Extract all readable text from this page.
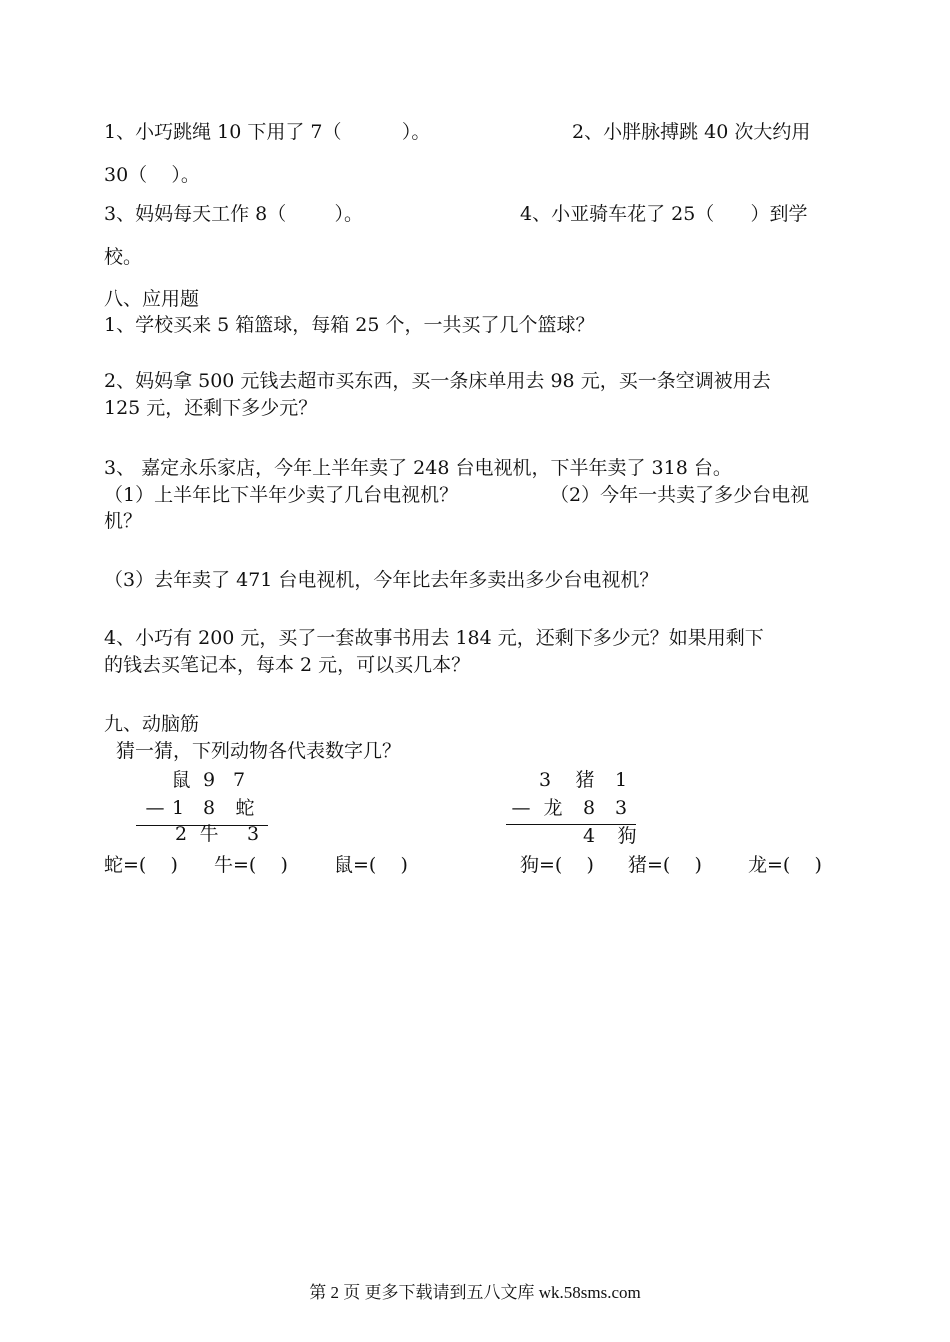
1、小巧跳绳 10 下用了 7（          ）。	2、小胖脉搏跳 40 次大约用
30（    ）。
3、妈妈每天工作 8（        ）。	4、小亚骑车花了 25（      ）到学
校。
八、应用题
1、学校买来 5 箱篮球，每箱 25 个，一共买了几个篮球？
2、妈妈拿 500 元钱去超市买东西，买一条床单用去 98 元，买一条空调被用去
125 元，还剩下多少元？
3、 嘉定永乐家店，今年上半年卖了 248 台电视机，下半年卖了 318 台。
（1）上半年比下半年少卖了几台电视机？	（2）今年一共卖了多少台电视
机？
（3）去年卖了 471 台电视机，今年比去年多卖出多少台电视机？
4、小巧有 200 元，买了一套故事书用去 184 元，还剩下多少元？如果用剩下
的钱去买笔记本，每本 2 元，可以买几本？
九、动脑筋
猜一猜，下列动物各代表数字几？
鼠 9 7
— 1 8	蛇
2 牛	3
3	猪	1
— 龙	8	3
4	狗
蛇=(    ) 牛=(    ) 鼠=(    )	狗=(    ) 猪=(    ) 龙=(    )
第 2 页 更多下载请到五八文库 wk.58sms.com
